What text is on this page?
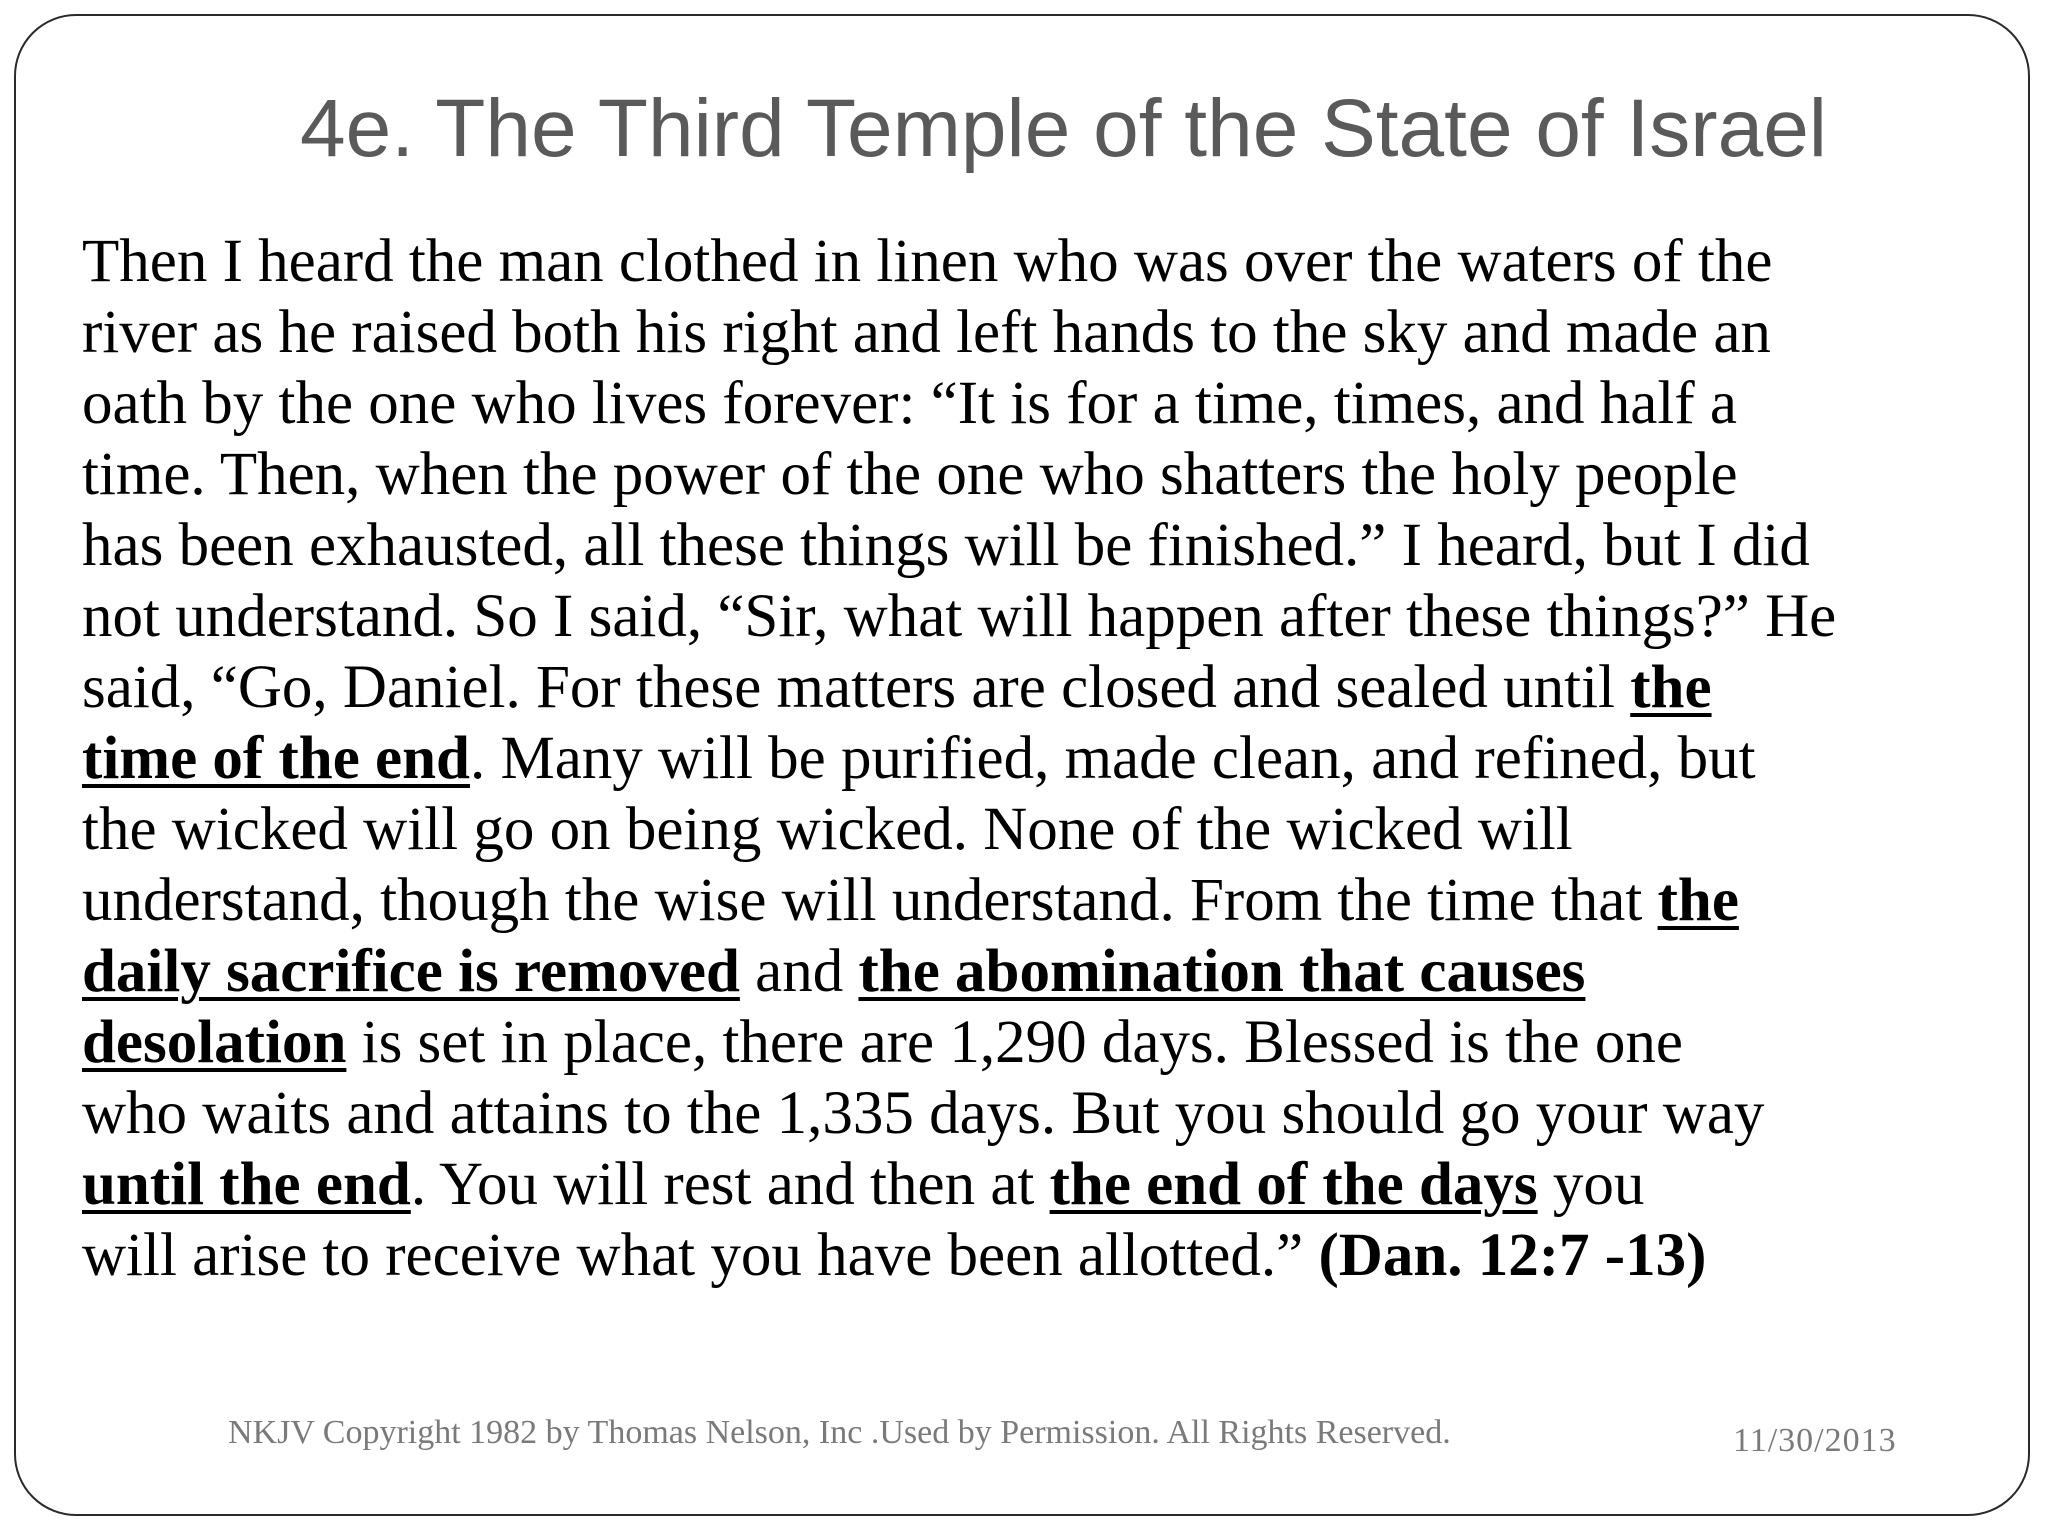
4e. The Third Temple of the State of Israel
Then I heard the man clothed in linen who was over the waters of the
river as he raised both his right and left hands to the sky and made an
oath by the one who lives forever: “It is for a time, times, and half a
time. Then, when the power of the one who shatters the holy people
has been exhausted, all these things will be finished.” I heard, but I did
not understand. So I said, “Sir, what will happen after these things?” He
said, “Go, Daniel. For these matters are closed and sealed until the
time of the end. Many will be purified, made clean, and refined, but
the wicked will go on being wicked. None of the wicked will
understand, though the wise will understand. From the time that the
daily sacrifice is removed and the abomination that causes
desolation is set in place, there are 1,290 days. Blessed is the one
who waits and attains to the 1,335 days. But you should go your way
until the end. You will rest and then at the end of the days you
will arise to receive what you have been allotted.” (Dan. 12:7 -13)
NKJV Copyright 1982 by Thomas Nelson, Inc .Used by Permission. All Rights Reserved.	11/30/2013
